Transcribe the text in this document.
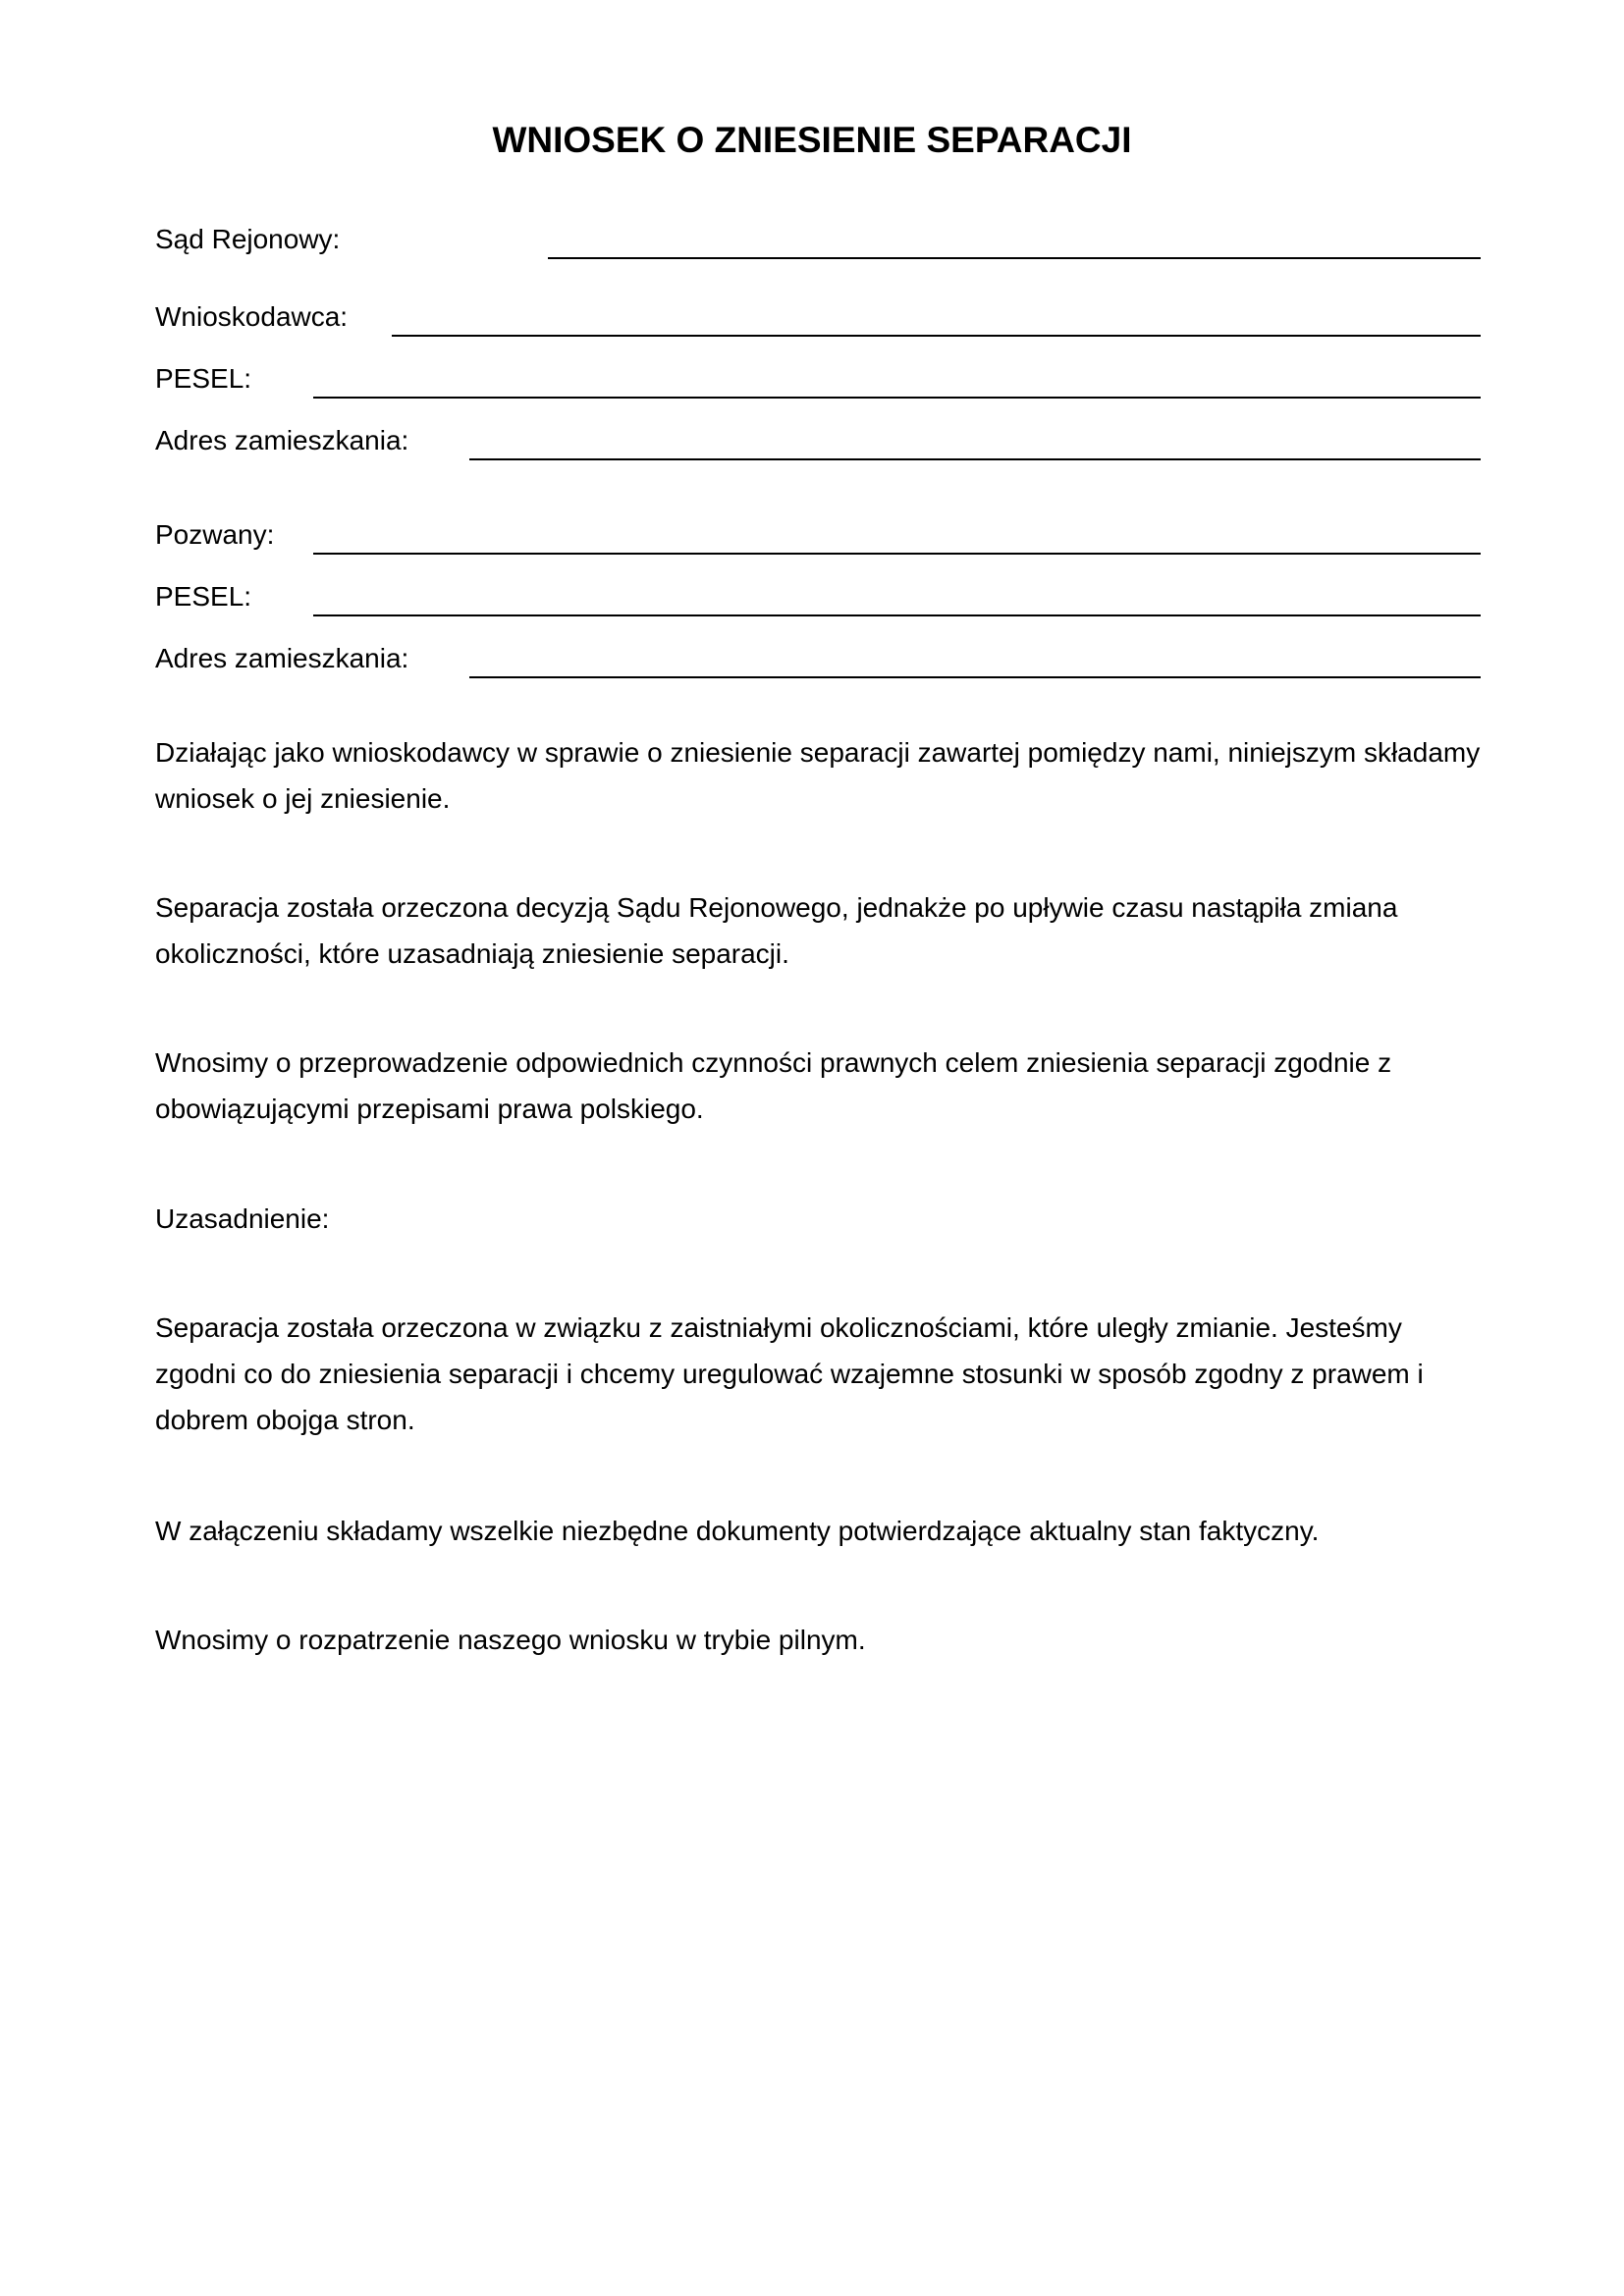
WNIOSEK O ZNIESIENIE SEPARACJI
Sąd Rejonowy:
Wnioskodawca:
PESEL:
Adres zamieszkania:
Pozwany:
PESEL:
Adres zamieszkania:

Działając jako wnioskodawcy w sprawie o zniesienie separacji zawartej pomiędzy nami, niniejszym składamy wniosek o jej zniesienie.

Separacja została orzeczona decyzją Sądu Rejonowego, jednakże po upływie czasu nastąpiła zmiana okoliczności, które uzasadniają zniesienie separacji.

Wnosimy o przeprowadzenie odpowiednich czynności prawnych celem zniesienia separacji zgodnie z obowiązującymi przepisami prawa polskiego.

Uzasadnienie:

Separacja została orzeczona w związku z zaistniałymi okolicznościami, które uległy zmianie. Jesteśmy zgodni co do zniesienia separacji i chcemy uregulować wzajemne stosunki w sposób zgodny z prawem i dobrem obojga stron.

W załączeniu składamy wszelkie niezbędne dokumenty potwierdzające aktualny stan faktyczny.

Wnosimy o rozpatrzenie naszego wniosku w trybie pilnym.
